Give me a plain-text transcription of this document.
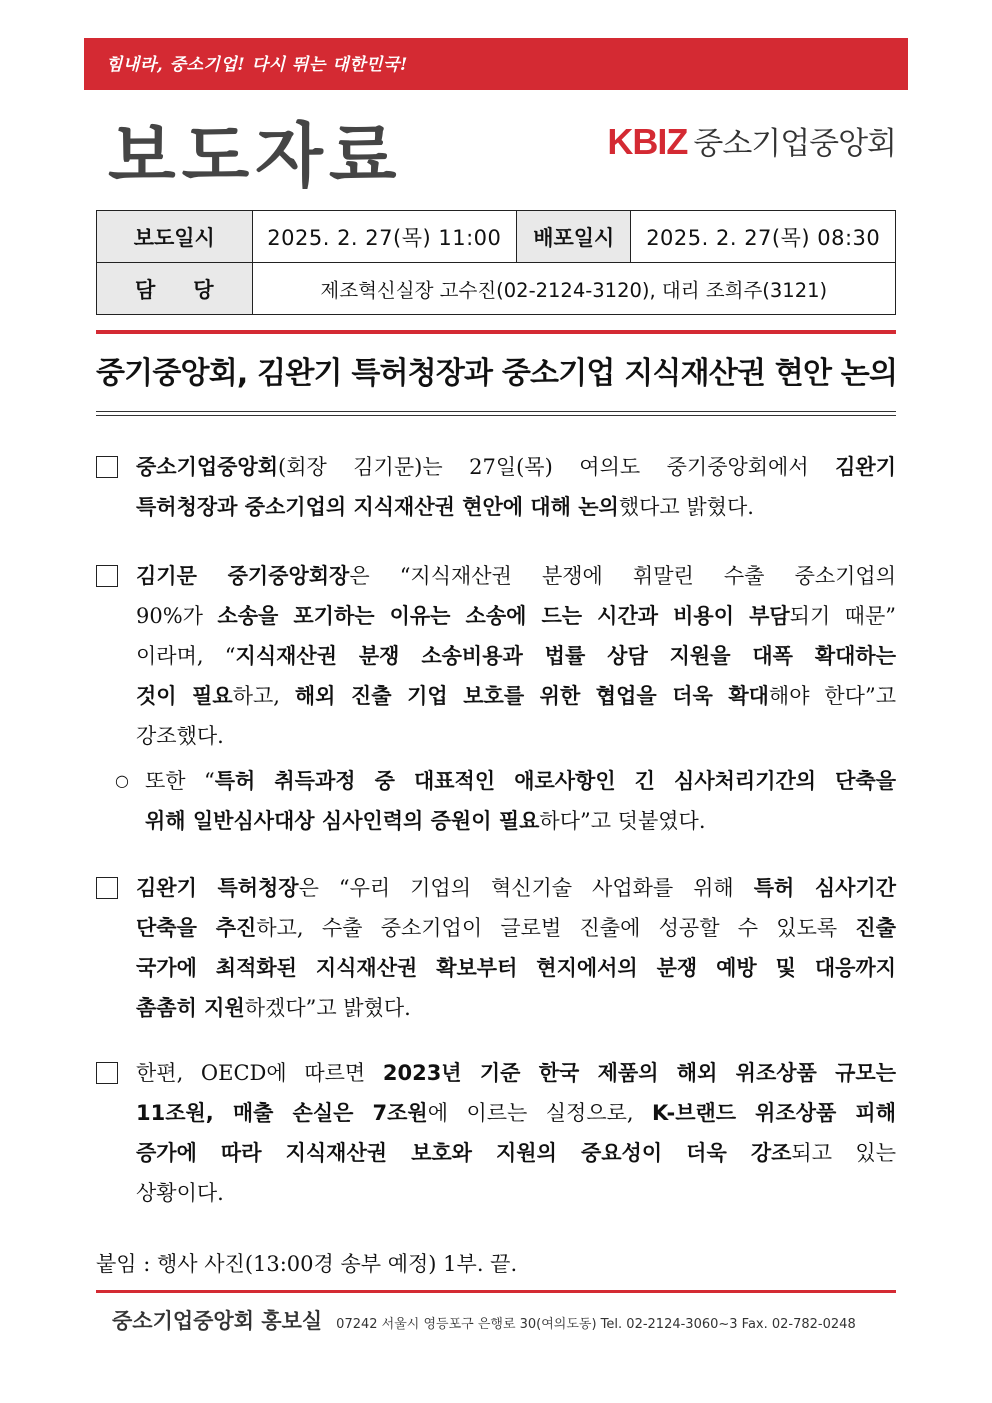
힘내라, 중소기업! 다시 뛰는 대한민국!
보도자료	KBIZ 중소기업중앙회
보도일시	2025. 2. 27(목) 11:00	배포일시	2025. 2. 27(목) 08:30
담당	제조혁신실장 고수진(02-2124-3120), 대리 조희주(3121)		
중기중앙회, 김완기 특허청장과 중소기업 지식재산권 현안 논의
중소기업중앙회(회장 김기문)는 27일(목) 여의도 중기중앙회에서 김완기
특허청장과 중소기업의 지식재산권 현안에 대해 논의했다고 밝혔다.
김기문 중기중앙회장은 “지식재산권 분쟁에 휘말린 수출 중소기업의
90%가 소송을 포기하는 이유는 소송에 드는 시간과 비용이 부담되기 때문”
이라며, “지식재산권 분쟁 소송비용과 법률 상담 지원을 대폭 확대하는
것이 필요하고, 해외 진출 기업 보호를 위한 협업을 더욱 확대해야 한다”고
강조했다.
○ 또한 “특허 취득과정 중 대표적인 애로사항인 긴 심사처리기간의 단축을
위해 일반심사대상 심사인력의 증원이 필요하다”고 덧붙였다.
김완기 특허청장은 “우리 기업의 혁신기술 사업화를 위해 특허 심사기간
단축을 추진하고, 수출 중소기업이 글로벌 진출에 성공할 수 있도록 진출
국가에 최적화된 지식재산권 확보부터 현지에서의 분쟁 예방 및 대응까지
촘촘히 지원하겠다”고 밝혔다.
한편, OECD에 따르면 2023년 기준 한국 제품의 해외 위조상품 규모는
11조원, 매출 손실은 7조원에 이르는 실정으로, K-브랜드 위조상품 피해
증가에 따라 지식재산권 보호와 지원의 중요성이 더욱 강조되고 있는
상황이다.
붙임 : 행사 사진(13:00경 송부 예정) 1부. 끝.
중소기업중앙회 홍보실 07242 서울시 영등포구 은행로 30(여의도동) Tel. 02-2124-3060~3 Fax. 02-782-0248
